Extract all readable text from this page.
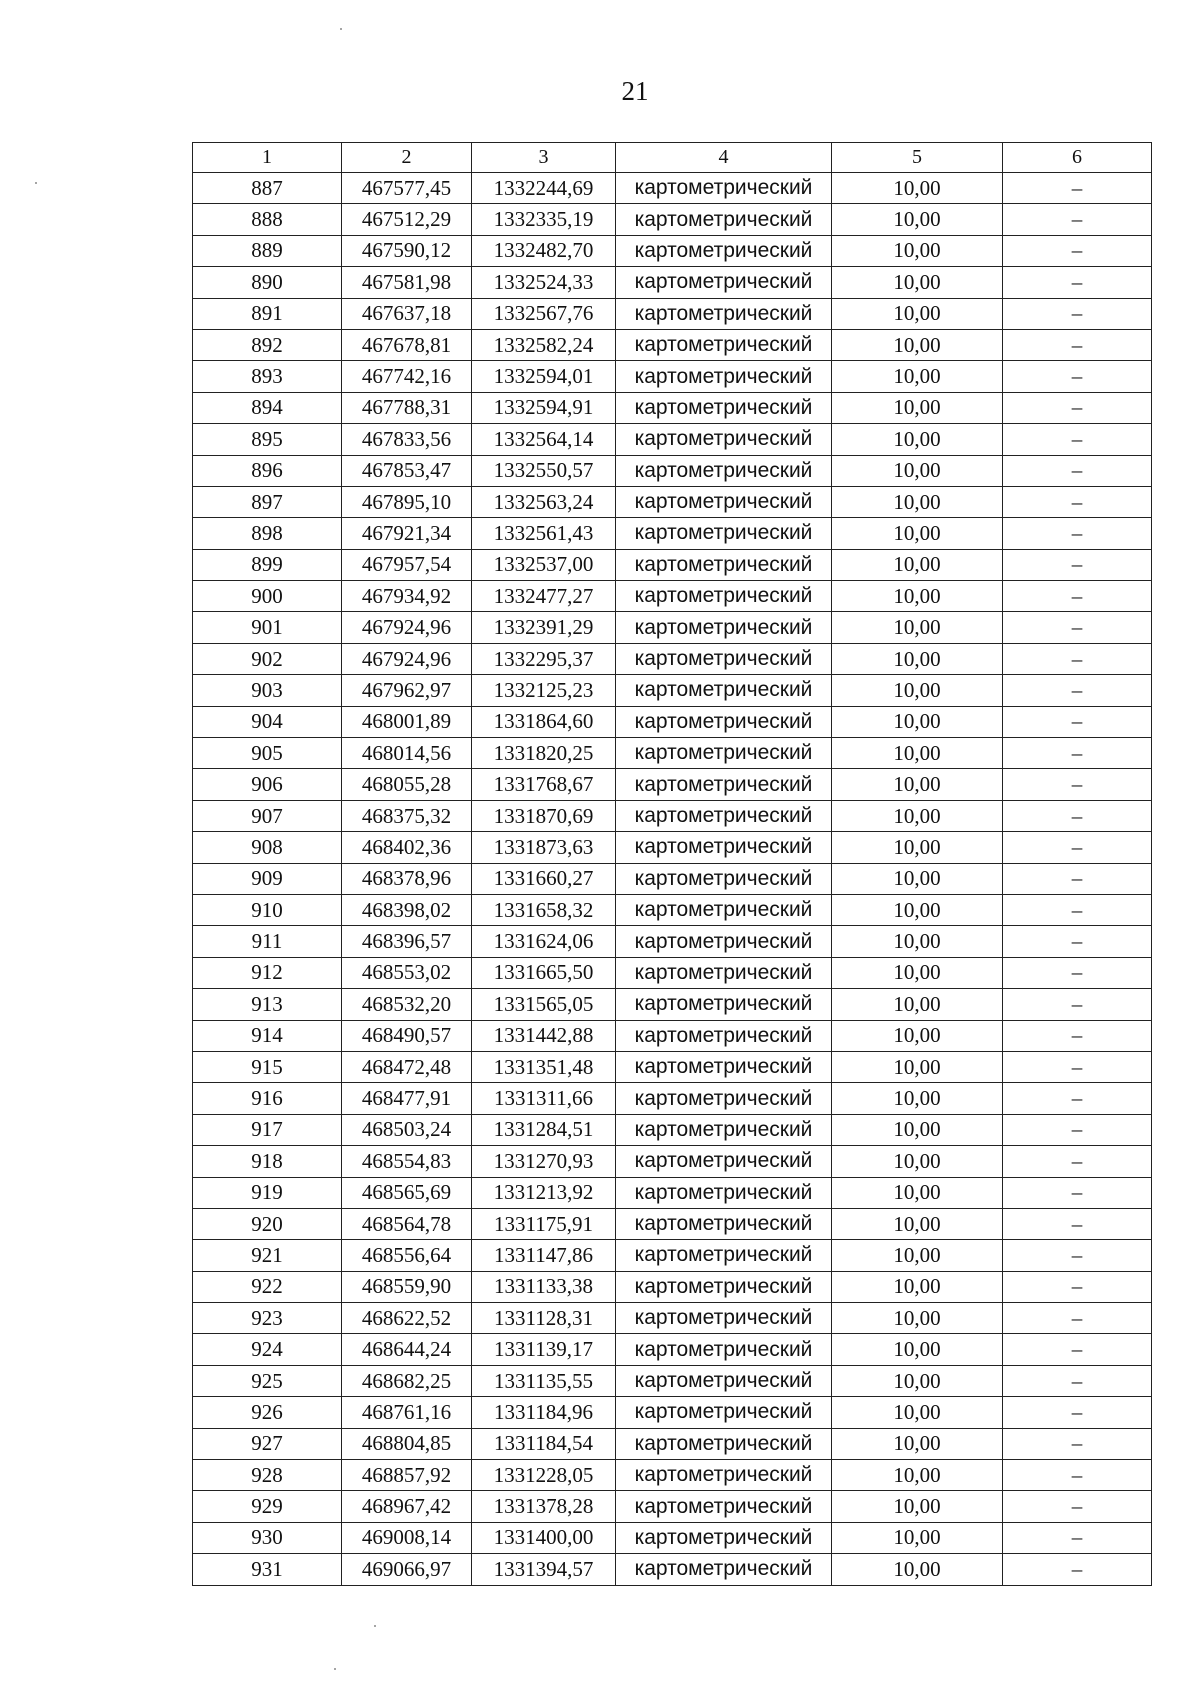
21
1	2	3	4	5	6
887	467577,45	1332244,69	картометрический	10,00	–
888	467512,29	1332335,19	картометрический	10,00	–
889	467590,12	1332482,70	картометрический	10,00	–
890	467581,98	1332524,33	картометрический	10,00	–
891	467637,18	1332567,76	картометрический	10,00	–
892	467678,81	1332582,24	картометрический	10,00	–
893	467742,16	1332594,01	картометрический	10,00	–
894	467788,31	1332594,91	картометрический	10,00	–
895	467833,56	1332564,14	картометрический	10,00	–
896	467853,47	1332550,57	картометрический	10,00	–
897	467895,10	1332563,24	картометрический	10,00	–
898	467921,34	1332561,43	картометрический	10,00	–
899	467957,54	1332537,00	картометрический	10,00	–
900	467934,92	1332477,27	картометрический	10,00	–
901	467924,96	1332391,29	картометрический	10,00	–
902	467924,96	1332295,37	картометрический	10,00	–
903	467962,97	1332125,23	картометрический	10,00	–
904	468001,89	1331864,60	картометрический	10,00	–
905	468014,56	1331820,25	картометрический	10,00	–
906	468055,28	1331768,67	картометрический	10,00	–
907	468375,32	1331870,69	картометрический	10,00	–
908	468402,36	1331873,63	картометрический	10,00	–
909	468378,96	1331660,27	картометрический	10,00	–
910	468398,02	1331658,32	картометрический	10,00	–
911	468396,57	1331624,06	картометрический	10,00	–
912	468553,02	1331665,50	картометрический	10,00	–
913	468532,20	1331565,05	картометрический	10,00	–
914	468490,57	1331442,88	картометрический	10,00	–
915	468472,48	1331351,48	картометрический	10,00	–
916	468477,91	1331311,66	картометрический	10,00	–
917	468503,24	1331284,51	картометрический	10,00	–
918	468554,83	1331270,93	картометрический	10,00	–
919	468565,69	1331213,92	картометрический	10,00	–
920	468564,78	1331175,91	картометрический	10,00	–
921	468556,64	1331147,86	картометрический	10,00	–
922	468559,90	1331133,38	картометрический	10,00	–
923	468622,52	1331128,31	картометрический	10,00	–
924	468644,24	1331139,17	картометрический	10,00	–
925	468682,25	1331135,55	картометрический	10,00	–
926	468761,16	1331184,96	картометрический	10,00	–
927	468804,85	1331184,54	картометрический	10,00	–
928	468857,92	1331228,05	картометрический	10,00	–
929	468967,42	1331378,28	картометрический	10,00	–
930	469008,14	1331400,00	картометрический	10,00	–
931	469066,97	1331394,57	картометрический	10,00	–
